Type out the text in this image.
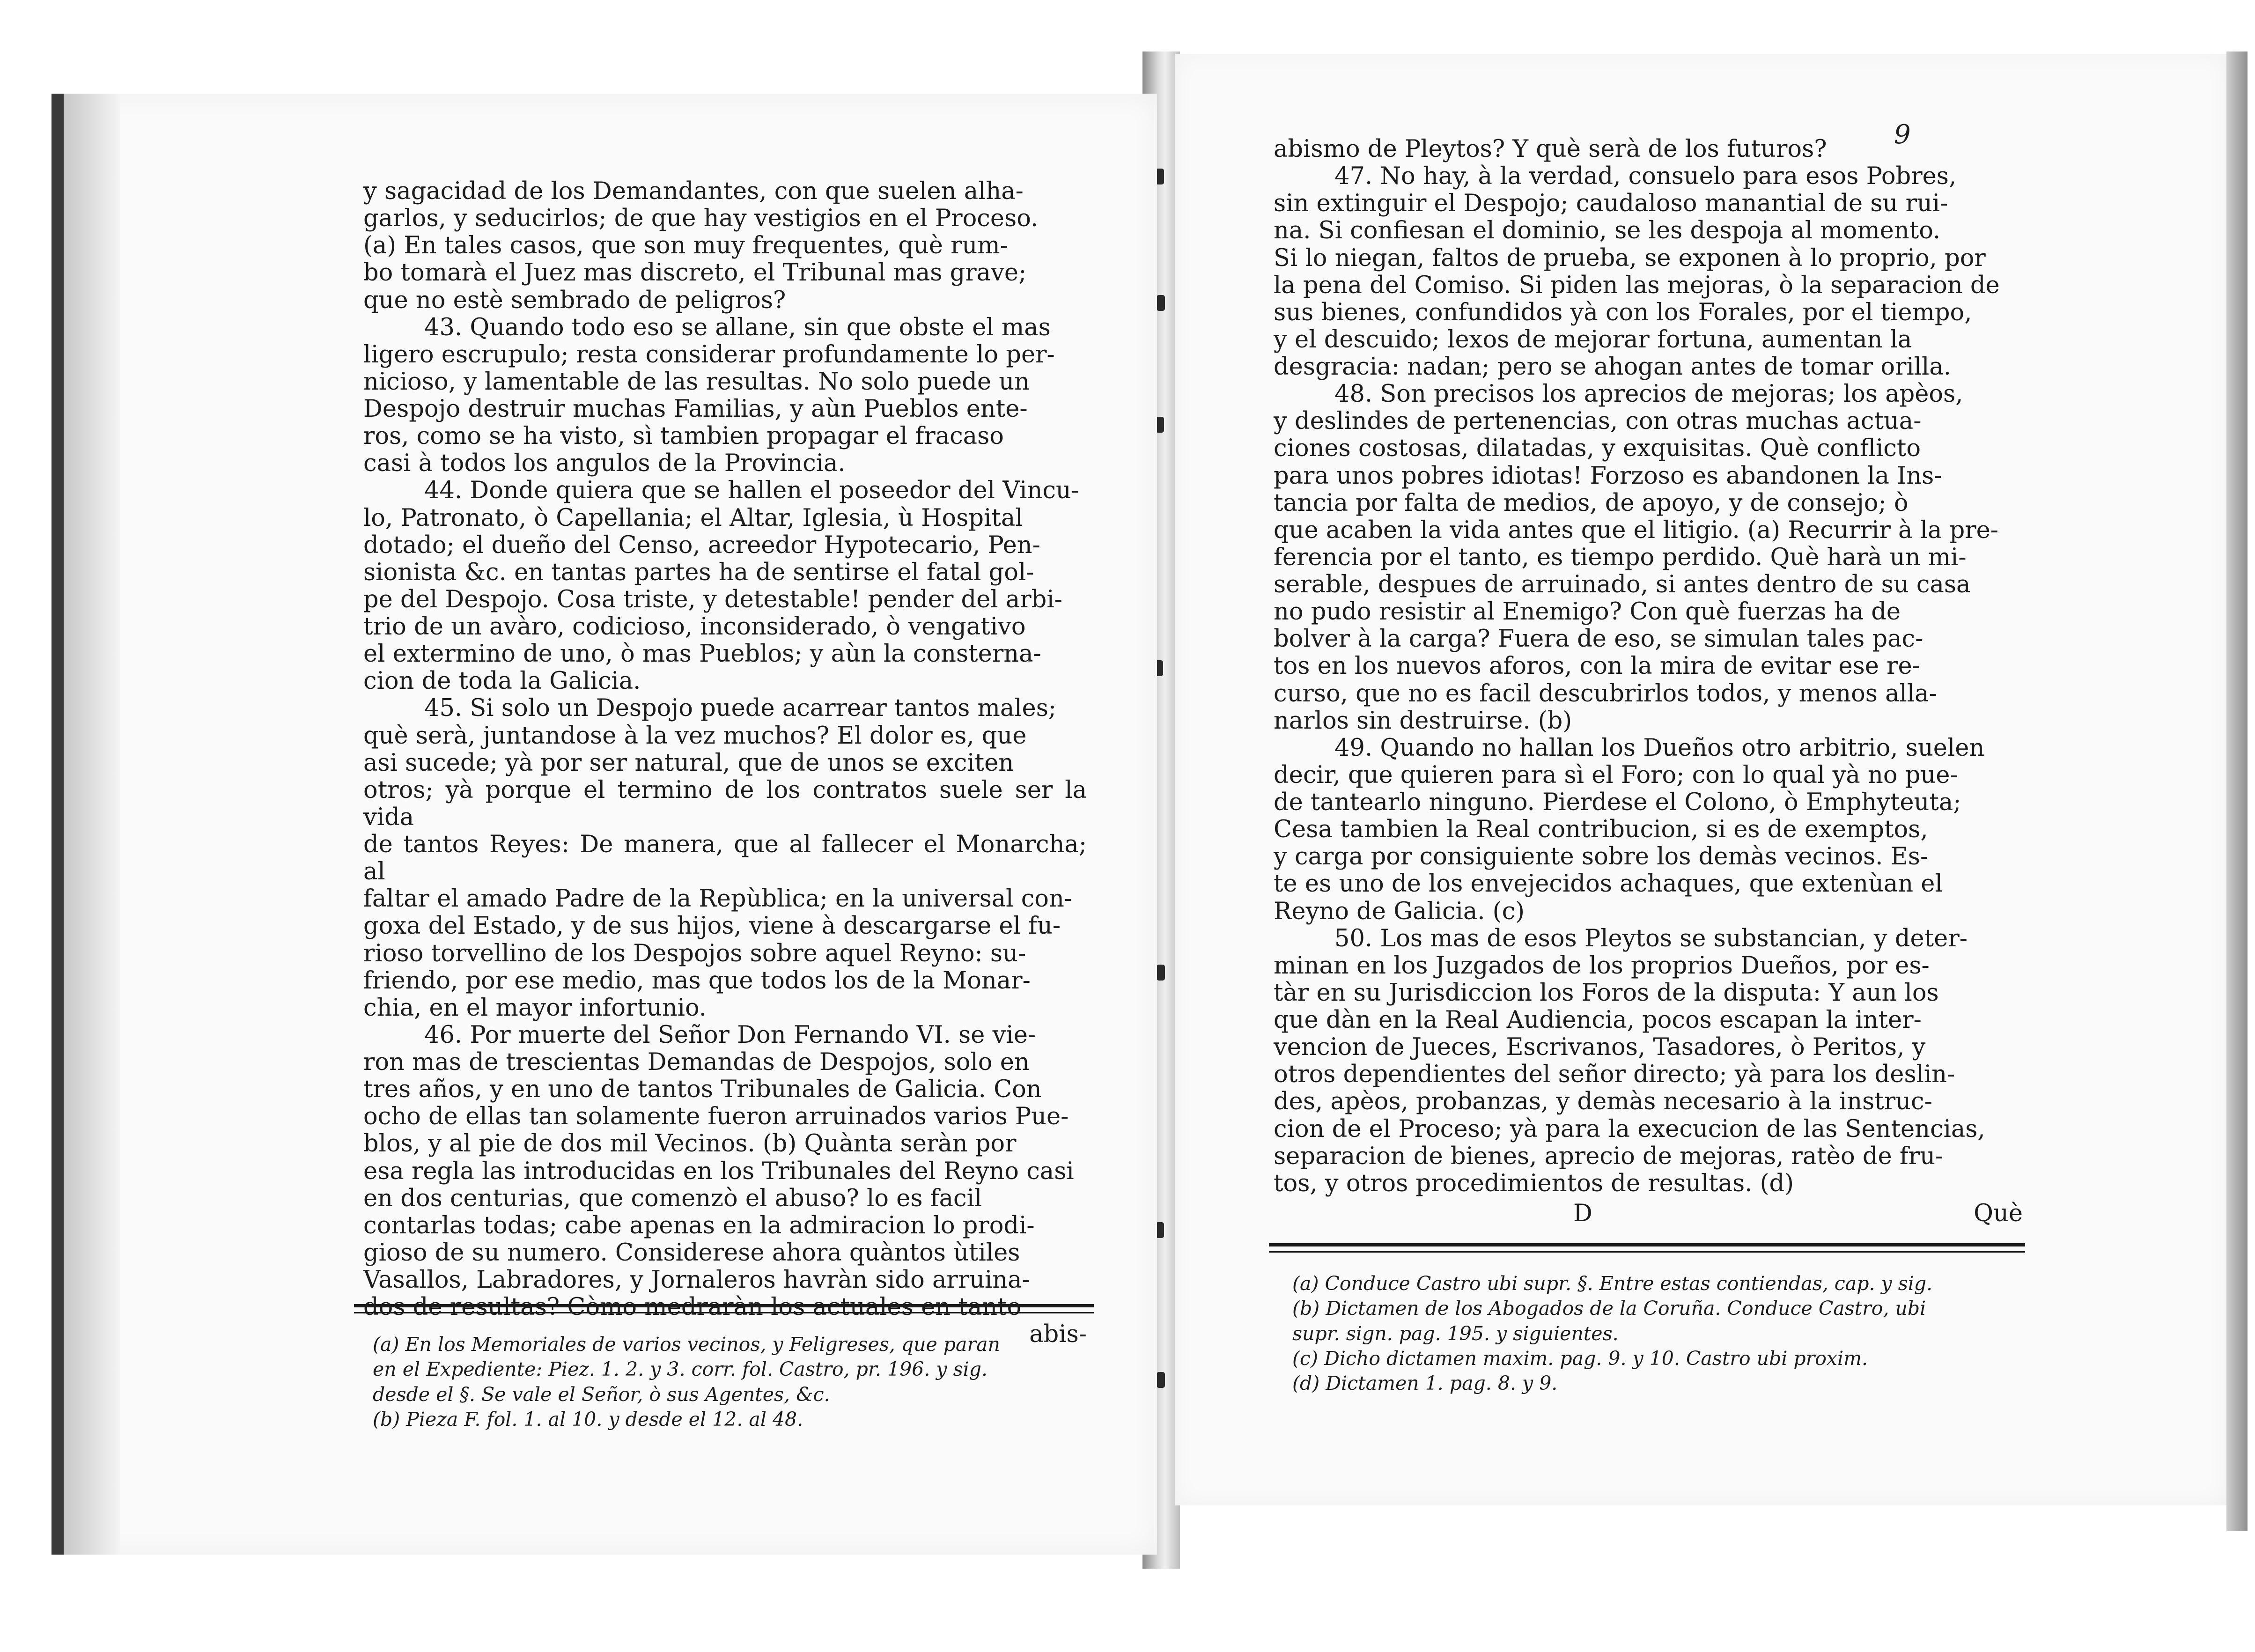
y sagacidad de los Demandantes, con que suelen alha-

garlos, y seducirlos; de que hay vestigios en el Proceso.

(a) En tales casos, que son muy frequentes, què rum-

bo tomarà el Juez mas discreto, el Tribunal mas grave;

que no estè sembrado de peligros?

43. Quando todo eso se allane, sin que obste el mas

ligero escrupulo; resta considerar profundamente lo per-

nicioso, y lamentable de las resultas. No solo puede un

Despojo destruir muchas Familias, y aùn Pueblos ente-

ros, como se ha visto, sì tambien propagar el fracaso

casi à todos los angulos de la Provincia.

44. Donde quiera que se hallen el poseedor del Vincu-

lo, Patronato, ò Capellania; el Altar, Iglesia, ù Hospital

dotado; el dueño del Censo, acreedor Hypotecario, Pen-

sionista &c. en tantas partes ha de sentirse el fatal gol-

pe del Despojo. Cosa triste, y detestable! pender del arbi-

trio de un avàro, codicioso, inconsiderado, ò vengativo

el extermino de uno, ò mas Pueblos; y aùn la consterna-

cion de toda la Galicia.

45. Si solo un Despojo puede acarrear tantos males;

què serà, juntandose à la vez muchos? El dolor es, que

asi sucede; yà por ser natural, que de unos se exciten

otros; yà porque el termino de los contratos suele ser la vida

de tantos Reyes: De manera, que al fallecer el Monarcha; al

faltar el amado Padre de la Repùblica; en la universal con-

goxa del Estado, y de sus hijos, viene à descargarse el fu-

rioso torvellino de los Despojos sobre aquel Reyno: su-

friendo, por ese medio, mas que todos los de la Monar-

chia, en el mayor infortunio.

46. Por muerte del Señor Don Fernando VI. se vie-

ron mas de trescientas Demandas de Despojos, solo en

tres años, y en uno de tantos Tribunales de Galicia. Con

ocho de ellas tan solamente fueron arruinados varios Pue-

blos, y al pie de dos mil Vecinos. (b) Quànta seràn por

esa regla las introducidas en los Tribunales del Reyno casi

en dos centurias, que comenzò el abuso? lo es facil

contarlas todas; cabe apenas en la admiracion lo prodi-

gioso de su numero. Considerese ahora quàntos ùtiles

Vasallos, Labradores, y Jornaleros havràn sido arruina-

dos de resultas? Còmo medraràn los actuales en tanto

abis-

(a) En los Memoriales de varios vecinos, y Feligreses, que paran

en el Expediente: Piez. 1. 2. y 3. corr. fol. Castro, pr. 196. y sig.

desde el §. Se vale el Señor, ò sus Agentes, &c.

(b) Pieza F. fol. 1. al 10. y desde el 12. al 48.

9

abismo de Pleytos? Y què serà de los futuros?

47. No hay, à la verdad, consuelo para esos Pobres,

sin extinguir el Despojo; caudaloso manantial de su rui-

na. Si confiesan el dominio, se les despoja al momento.

Si lo niegan, faltos de prueba, se exponen à lo proprio, por

la pena del Comiso. Si piden las mejoras, ò la separacion de

sus bienes, confundidos yà con los Forales, por el tiempo,

y el descuido; lexos de mejorar fortuna, aumentan la

desgracia: nadan; pero se ahogan antes de tomar orilla.

48. Son precisos los aprecios de mejoras; los apèos,

y deslindes de pertenencias, con otras muchas actua-

ciones costosas, dilatadas, y exquisitas. Què conflicto

para unos pobres idiotas! Forzoso es abandonen la Ins-

tancia por falta de medios, de apoyo, y de consejo; ò

que acaben la vida antes que el litigio. (a) Recurrir à la pre-

ferencia por el tanto, es tiempo perdido. Què harà un mi-

serable, despues de arruinado, si antes dentro de su casa

no pudo resistir al Enemigo? Con què fuerzas ha de

bolver à la carga? Fuera de eso, se simulan tales pac-

tos en los nuevos aforos, con la mira de evitar ese re-

curso, que no es facil descubrirlos todos, y menos alla-

narlos sin destruirse. (b)

49. Quando no hallan los Dueños otro arbitrio, suelen

decir, que quieren para sì el Foro; con lo qual yà no pue-

de tantearlo ninguno. Pierdese el Colono, ò Emphyteuta;

Cesa tambien la Real contribucion, si es de exemptos,

y carga por consiguiente sobre los demàs vecinos. Es-

te es uno de los envejecidos achaques, que extenùan el

Reyno de Galicia. (c)

50. Los mas de esos Pleytos se substancian, y deter-

minan en los Juzgados de los proprios Dueños, por es-

tàr en su Jurisdiccion los Foros de la disputa: Y aun los

que dàn en la Real Audiencia, pocos escapan la inter-

vencion de Jueces, Escrivanos, Tasadores, ò Peritos, y

otros dependientes del señor directo; yà para los deslin-

des, apèos, probanzas, y demàs necesario à la instruc-

cion de el Proceso; yà para la execucion de las Sentencias,

separacion de bienes, aprecio de mejoras, ratèo de fru-

tos, y otros procedimientos de resultas. (d)

D	Què

(a) Conduce Castro ubi supr. §. Entre estas contiendas, cap. y sig.

(b) Dictamen de los Abogados de la Coruña. Conduce Castro, ubi

supr. sign. pag. 195. y siguientes.

(c) Dicho dictamen maxim. pag. 9. y 10. Castro ubi proxim.

(d) Dictamen 1. pag. 8. y 9.
